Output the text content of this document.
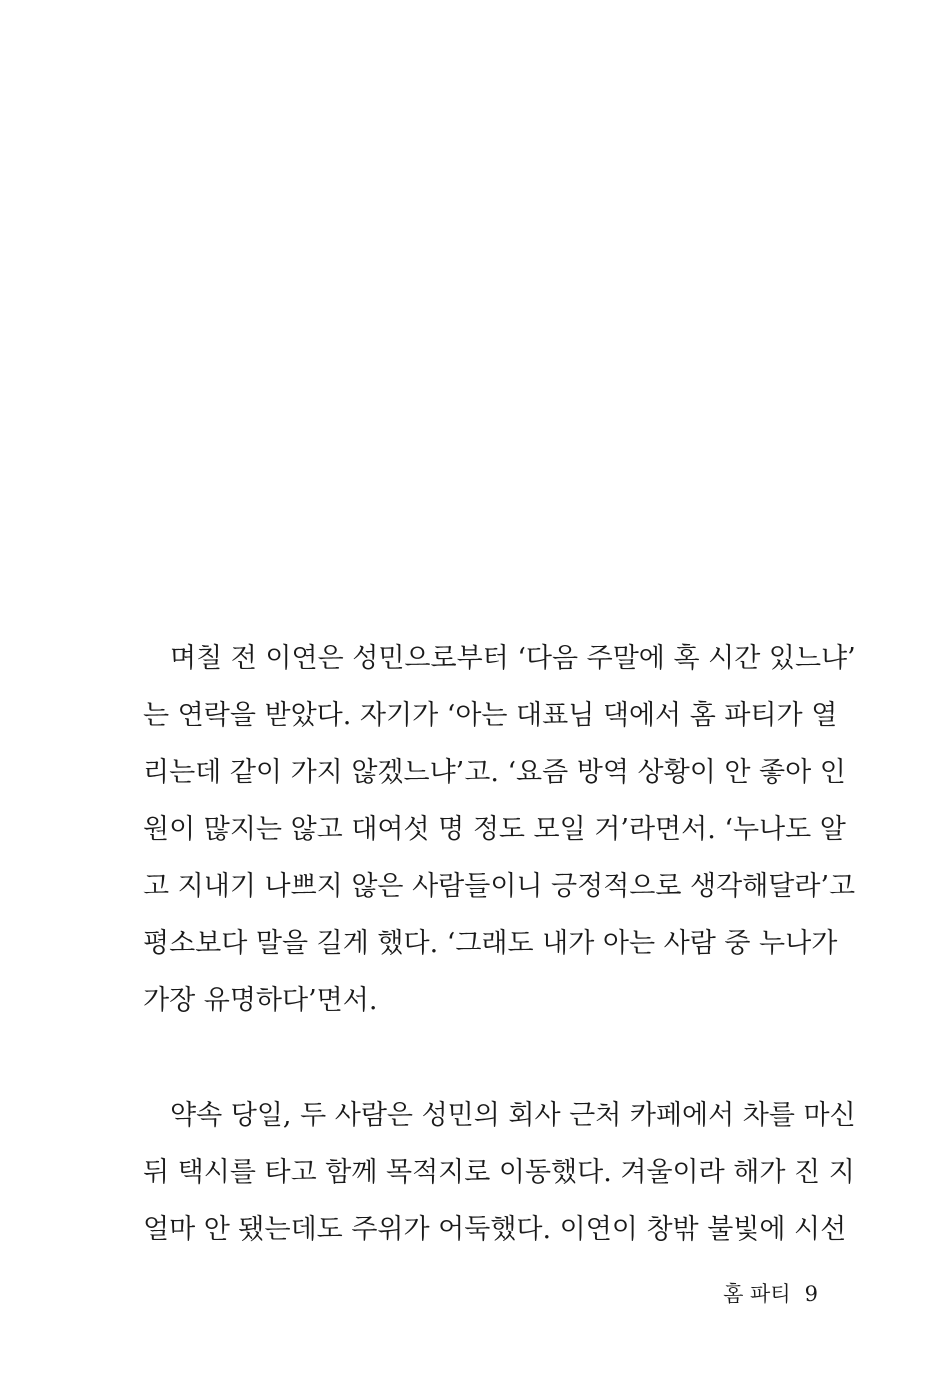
며칠 전 이연은 성민으로부터 ‘다음 주말에 혹 시간 있느냐’
는 연락을 받았다. 자기가 ‘아는 대표님 댁에서 홈 파티가 열
리는데 같이 가지 않겠느냐’고. ‘요즘 방역 상황이 안 좋아 인
원이 많지는 않고 대여섯 명 정도 모일 거’라면서. ‘누나도 알
고 지내기 나쁘지 않은 사람들이니 긍정적으로 생각해달라’고
평소보다 말을 길게 했다. ‘그래도 내가 아는 사람 중 누나가
가장 유명하다’면서.
약속 당일, 두 사람은 성민의 회사 근처 카페에서 차를 마신
뒤 택시를 타고 함께 목적지로 이동했다. 겨울이라 해가 진 지
얼마 안 됐는데도 주위가 어둑했다. 이연이 창밖 불빛에 시선
홈 파티 9
